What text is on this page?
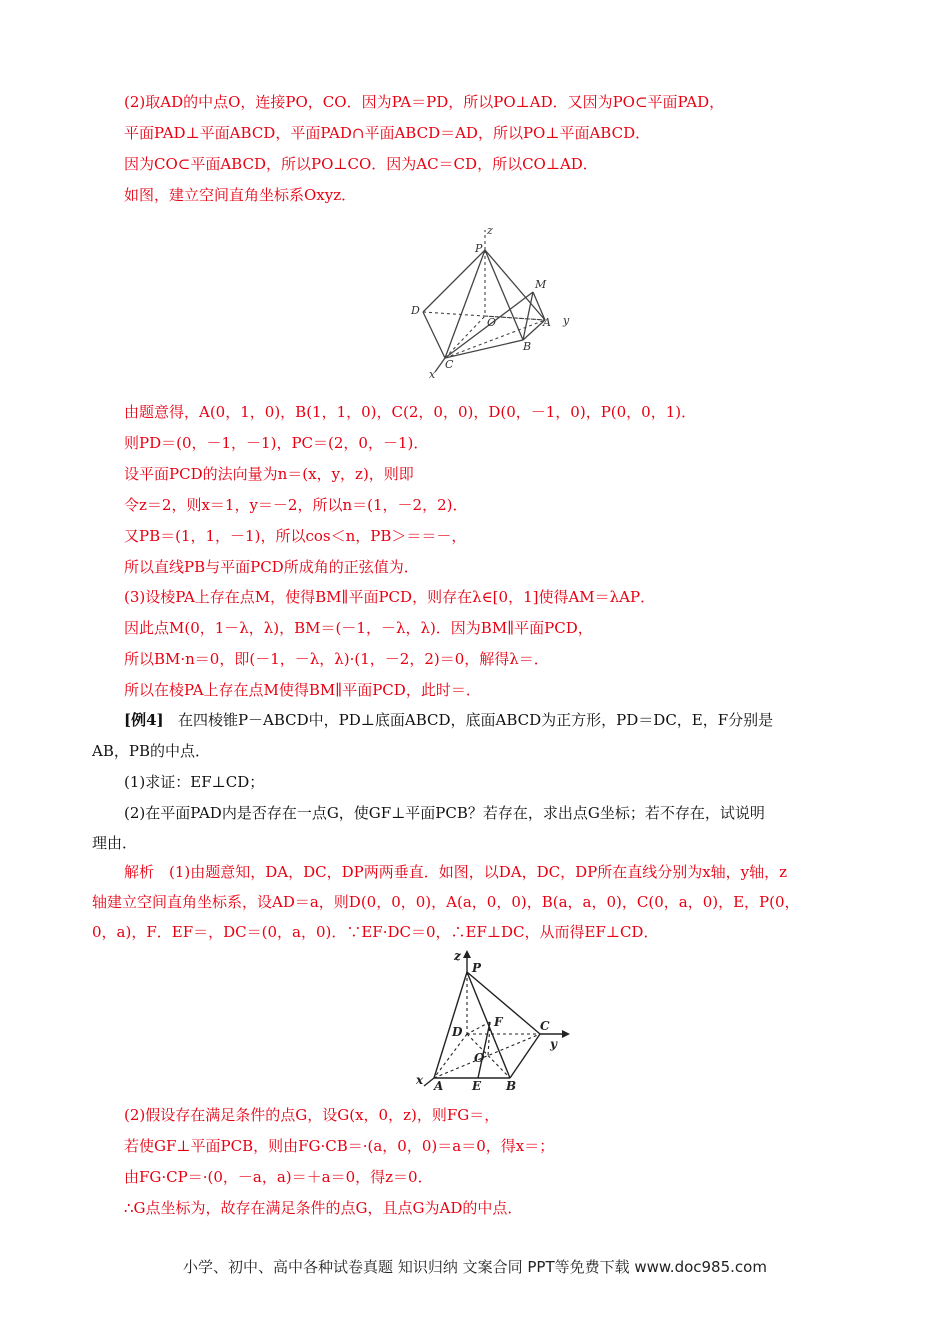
(2)取AD的中点O，连接PO，CO．因为PA＝PD，所以PO⊥AD．又因为PO⊂平面PAD，
平面PAD⊥平面ABCD，平面PAD∩平面ABCD＝AD，所以PO⊥平面ABCD．
因为CO⊂平面ABCD，所以PO⊥CO．因为AC＝CD，所以CO⊥AD．
如图，建立空间直角坐标系Oxyz．
P
z
M
D
O	A y
B
C
x
由题意得，A(0，1，0)，B(1，1，0)，C(2，0，0)，D(0，－1，0)，P(0，0，1)．
则PD＝(0，－1，－1)，PC＝(2，0，－1)．
设平面PCD的法向量为n＝(x，y，z)，则即
令z＝2，则x＝1，y＝－2，所以n＝(1，－2，2)．
又PB＝(1，1，－1)，所以cos＜n，PB＞＝＝－，
所以直线PB与平面PCD所成角的正弦值为．
(3)设棱PA上存在点M，使得BM∥平面PCD，则存在λ∈[0，1]使得AM＝λAP．
因此点M(0，1－λ，λ)，BM＝(－1，－λ，λ)．因为BM∥平面PCD，
所以BM·n＝0，即(－1，－λ，λ)·(1，－2，2)＝0，解得λ＝．
所以在棱PA上存在点M使得BM∥平面PCD，此时＝．
[例4] 在四棱锥P－ABCD中，PD⊥底面ABCD，底面ABCD为正方形，PD＝DC，E，F分别是
AB，PB的中点．
(1)求证：EF⊥CD；
(2)在平面PAD内是否存在一点G，使GF⊥平面PCB？若存在，求出点G坐标；若不存在，试说明
理由．
解析　(1)由题意知，DA，DC，DP两两垂直．如图，以DA，DC，DP所在直线分别为x轴，y轴，z
轴建立空间直角坐标系，设AD＝a，则D(0，0，0)，A(a，0，0)，B(a，a，0)，C(0，a，0)，E，P(0，
0，a)，F．EF＝，DC＝(0，a，0)．∵EF·DC＝0，∴EF⊥DC，从而得EF⊥CD．
z
P
F
D	C
y
O
x A E B
(2)假设存在满足条件的点G，设G(x，0，z)，则FG＝，
若使GF⊥平面PCB，则由FG·CB＝·(a，0，0)＝a＝0，得x＝；
由FG·CP＝·(0，－a，a)＝＋a＝0，得z＝0．
∴G点坐标为，故存在满足条件的点G，且点G为AD的中点．
小学、初中、高中各种试卷真题 知识归纳 文案合同 PPT等免费下载 www.doc985.com
